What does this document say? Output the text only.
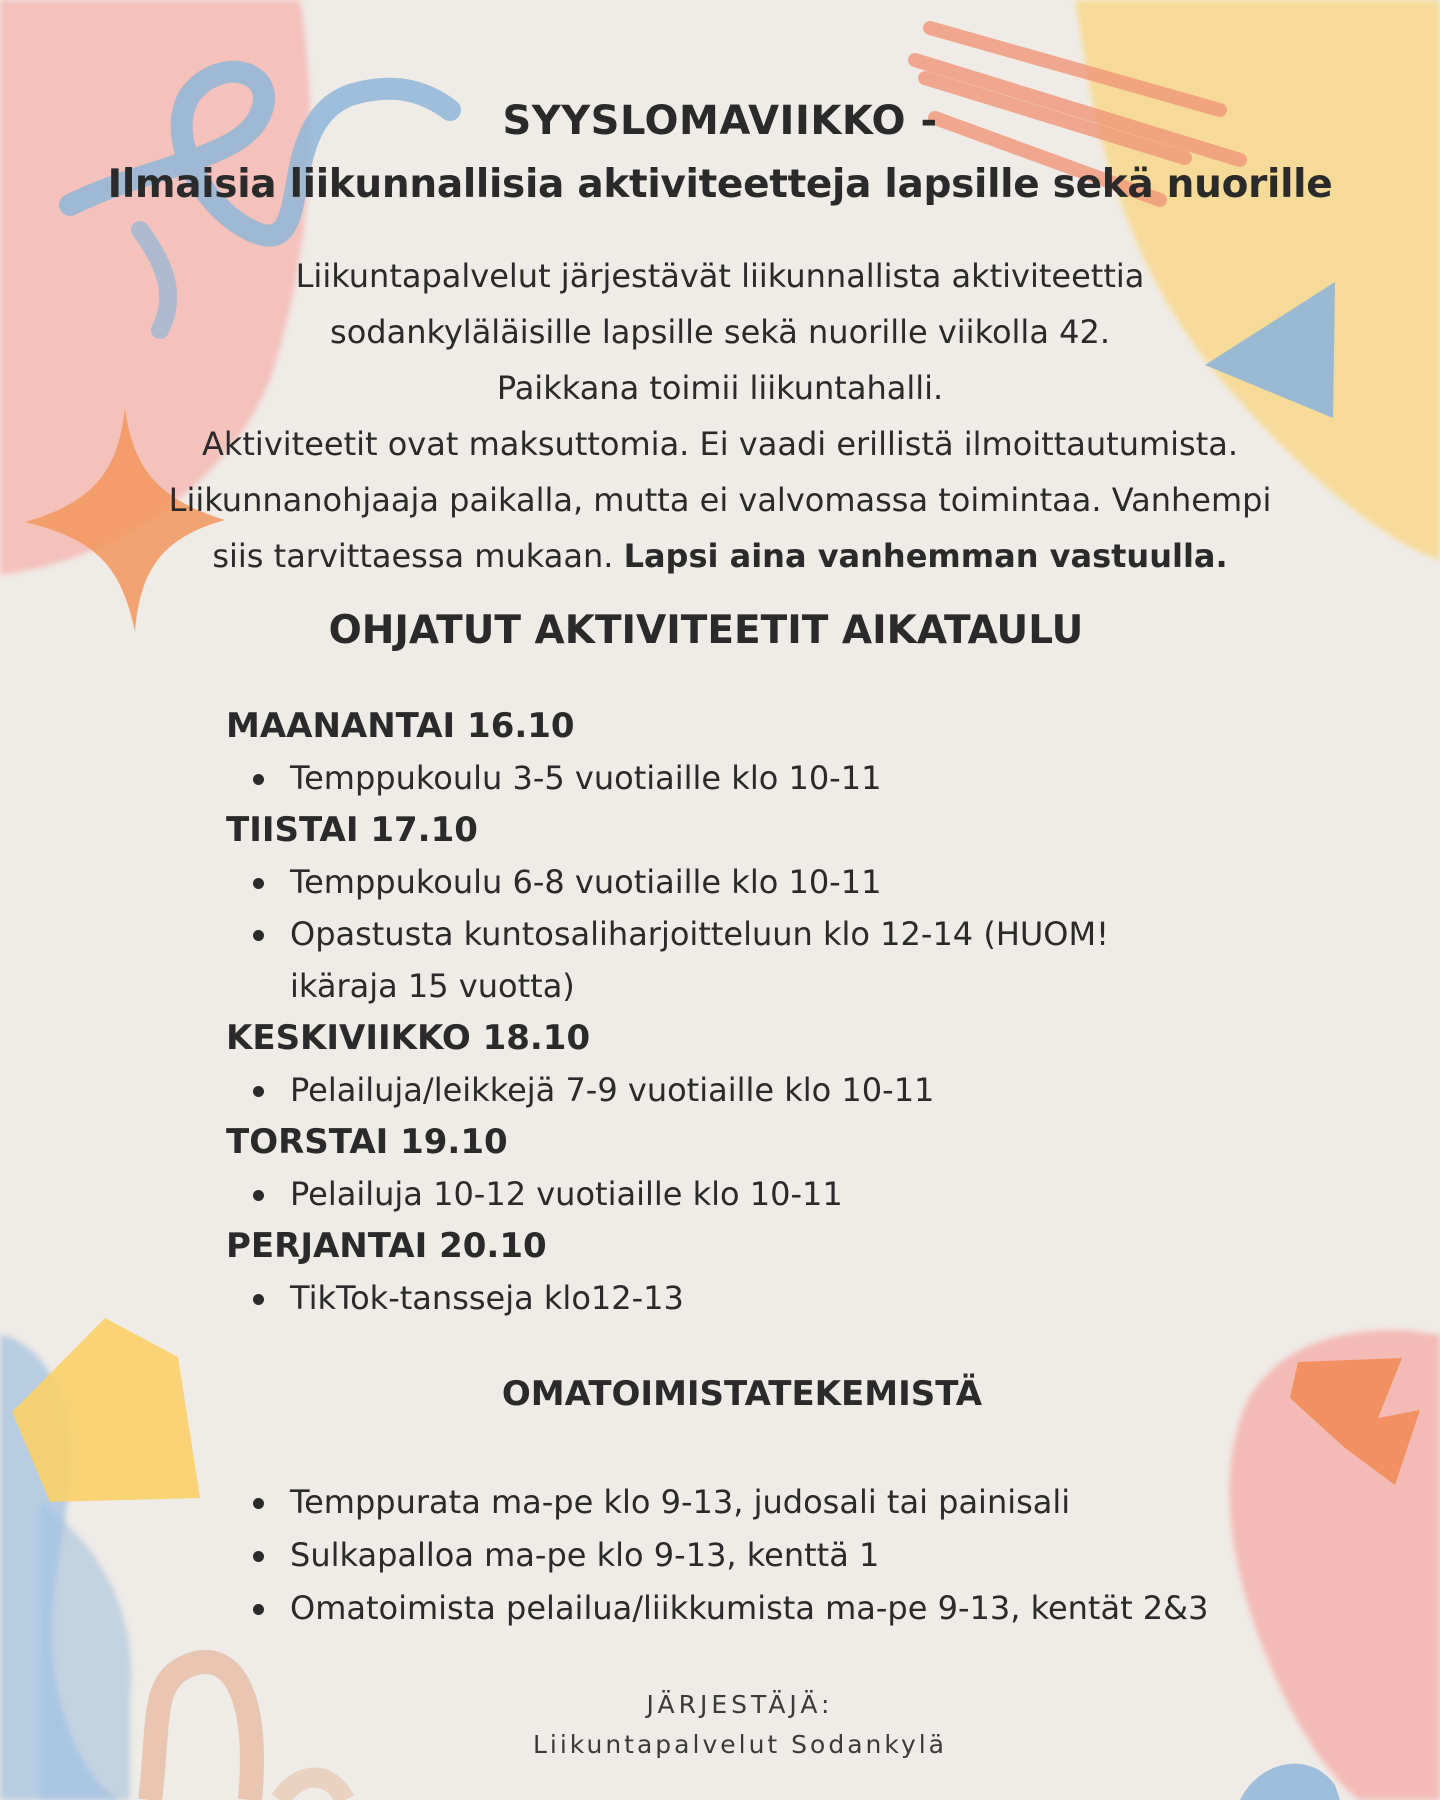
SYYSLOMAVIIKKO -
Ilmaisia liikunnallisia aktiviteetteja lapsille sekä nuorille

Liikuntapalvelut järjestävät liikunnallista aktiviteettia

sodankyläläisille lapsille sekä nuorille viikolla 42.

Paikkana toimii liikuntahalli.

Aktiviteetit ovat maksuttomia. Ei vaadi erillistä ilmoittautumista.

Liikunnanohjaaja paikalla, mutta ei valvomassa toimintaa. Vanhempi

siis tarvittaessa mukaan. Lapsi aina vanhemman vastuulla.

OHJATUT AKTIVITEETIT AIKATAULU
MAANANTAI 16.10
Temppukoulu 3-5 vuotiaille klo 10-11
TIISTAI 17.10
Temppukoulu 6-8 vuotiaille klo 10-11
Opastusta kuntosaliharjoitteluun klo 12-14 (HUOM!
ikäraja 15 vuotta)
KESKIVIIKKO 18.10
Pelailuja/leikkejä 7-9 vuotiaille klo 10-11
TORSTAI 19.10
Pelailuja 10-12 vuotiaille klo 10-11
PERJANTAI 20.10
TikTok-tansseja klo12-13
OMATOIMISTATEKEMISTÄ
Temppurata ma-pe klo 9-13, judosali tai painisali
Sulkapalloa ma-pe klo 9-13, kenttä 1
Omatoimista pelailua/liikkumista ma-pe 9-13, kentät 2&3
JÄRJESTÄJÄ:
Liikuntapalvelut Sodankylä
